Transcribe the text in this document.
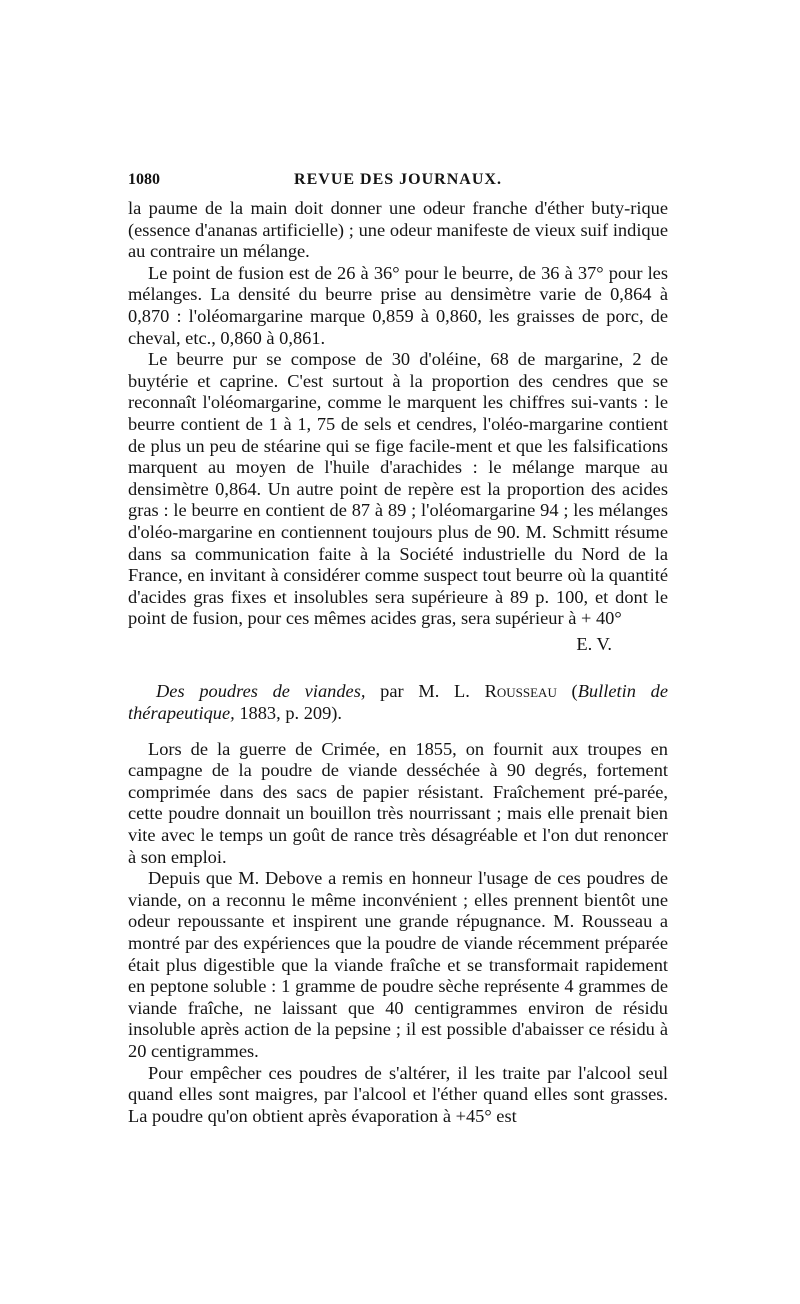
1080	REVUE DES JOURNAUX.

la paume de la main doit donner une odeur franche d'éther buty-rique (essence d'ananas artificielle) ; une odeur manifeste de vieux suif indique au contraire un mélange.

Le point de fusion est de 26 à 36° pour le beurre, de 36 à 37° pour les mélanges. La densité du beurre prise au densimètre varie de 0,864 à 0,870 : l'oléomargarine marque 0,859 à 0,860, les graisses de porc, de cheval, etc., 0,860 à 0,861.

Le beurre pur se compose de 30 d'oléine, 68 de margarine, 2 de buytérie et caprine. C'est surtout à la proportion des cendres que se reconnaît l'oléomargarine, comme le marquent les chiffres sui-vants : le beurre contient de 1 à 1, 75 de sels et cendres, l'oléo-margarine contient de plus un peu de stéarine qui se fige facile-ment et que les falsifications marquent au moyen de l'huile d'arachides : le mélange marque au densimètre 0,864. Un autre point de repère est la proportion des acides gras : le beurre en contient de 87 à 89 ; l'oléomargarine 94 ; les mélanges d'oléo-margarine en contiennent toujours plus de 90. M. Schmitt résume dans sa communication faite à la Société industrielle du Nord de la France, en invitant à considérer comme suspect tout beurre où la quantité d'acides gras fixes et insolubles sera supérieure à 89 p. 100, et dont le point de fusion, pour ces mêmes acides gras, sera supérieur à + 40°

E. V.

Des poudres de viandes, par M. L. Rousseau (Bulletin de thérapeutique, 1883, p. 209).

Lors de la guerre de Crimée, en 1855, on fournit aux troupes en campagne de la poudre de viande desséchée à 90 degrés, fortement comprimée dans des sacs de papier résistant. Fraîchement pré-parée, cette poudre donnait un bouillon très nourrissant ; mais elle prenait bien vite avec le temps un goût de rance très désagréable et l'on dut renoncer à son emploi.

Depuis que M. Debove a remis en honneur l'usage de ces poudres de viande, on a reconnu le même inconvénient ; elles prennent bientôt une odeur repoussante et inspirent une grande répugnance. M. Rousseau a montré par des expériences que la poudre de viande récemment préparée était plus digestible que la viande fraîche et se transformait rapidement en peptone soluble : 1 gramme de poudre sèche représente 4 grammes de viande fraîche, ne laissant que 40 centigrammes environ de résidu insoluble après action de la pepsine ; il est possible d'abaisser ce résidu à 20 centigrammes.

Pour empêcher ces poudres de s'altérer, il les traite par l'alcool seul quand elles sont maigres, par l'alcool et l'éther quand elles sont grasses. La poudre qu'on obtient après évaporation à +45° est
